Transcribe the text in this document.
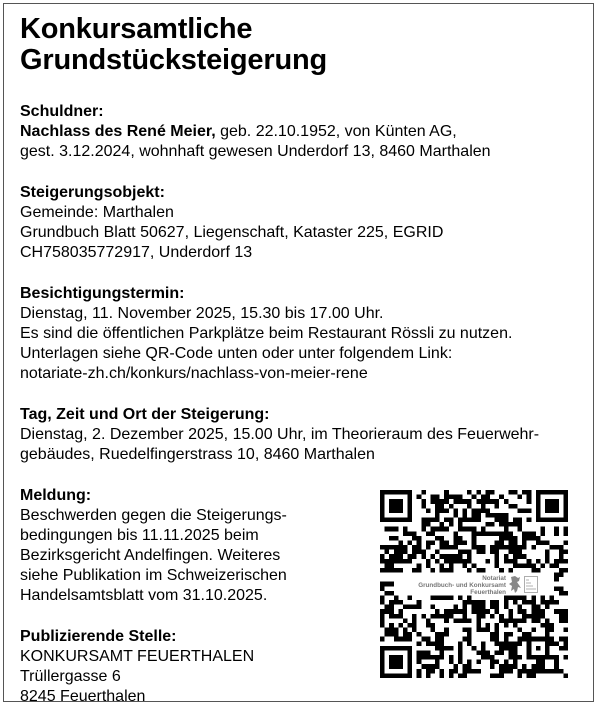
Konkursamtliche
Grundstücksteigerung
Schuldner:
Nachlass des René Meier, geb. 22.10.1952, von Künten AG,
gest. 3.12.2024, wohnhaft gewesen Underdorf 13, 8460 Marthalen
Steigerungsobjekt:
Gemeinde: Marthalen
Grundbuch Blatt 50627, Liegenschaft, Kataster 225, EGRID
CH758035772917, Underdorf 13
Besichtigungstermin:
Dienstag, 11. November 2025, 15.30 bis 17.00 Uhr.
Es sind die öffentlichen Parkplätze beim Restaurant Rössli zu nutzen.
Unterlagen siehe QR-Code unten oder unter folgendem Link:
notariate-zh.ch/konkurs/nachlass-von-meier-rene
Tag, Zeit und Ort der Steigerung:
Dienstag, 2. Dezember 2025, 15.00 Uhr, im Theorieraum des Feuerwehr-
gebäudes, Ruedelfingerstrass 10, 8460 Marthalen
Meldung:
Beschwerden gegen die Steigerungs-
bedingungen bis 11.11.2025 beim
Bezirksgericht Andelfingen. Weiteres
siehe Publikation im Schweizerischen
Handelsamtsblatt vom 31.10.2025.
Publizierende Stelle:
KONKURSAMT FEUERTHALEN
Trüllergasse 6
8245 Feuerthalen
Notariat
Grundbuch- und Konkursamt
Feuerthalen
